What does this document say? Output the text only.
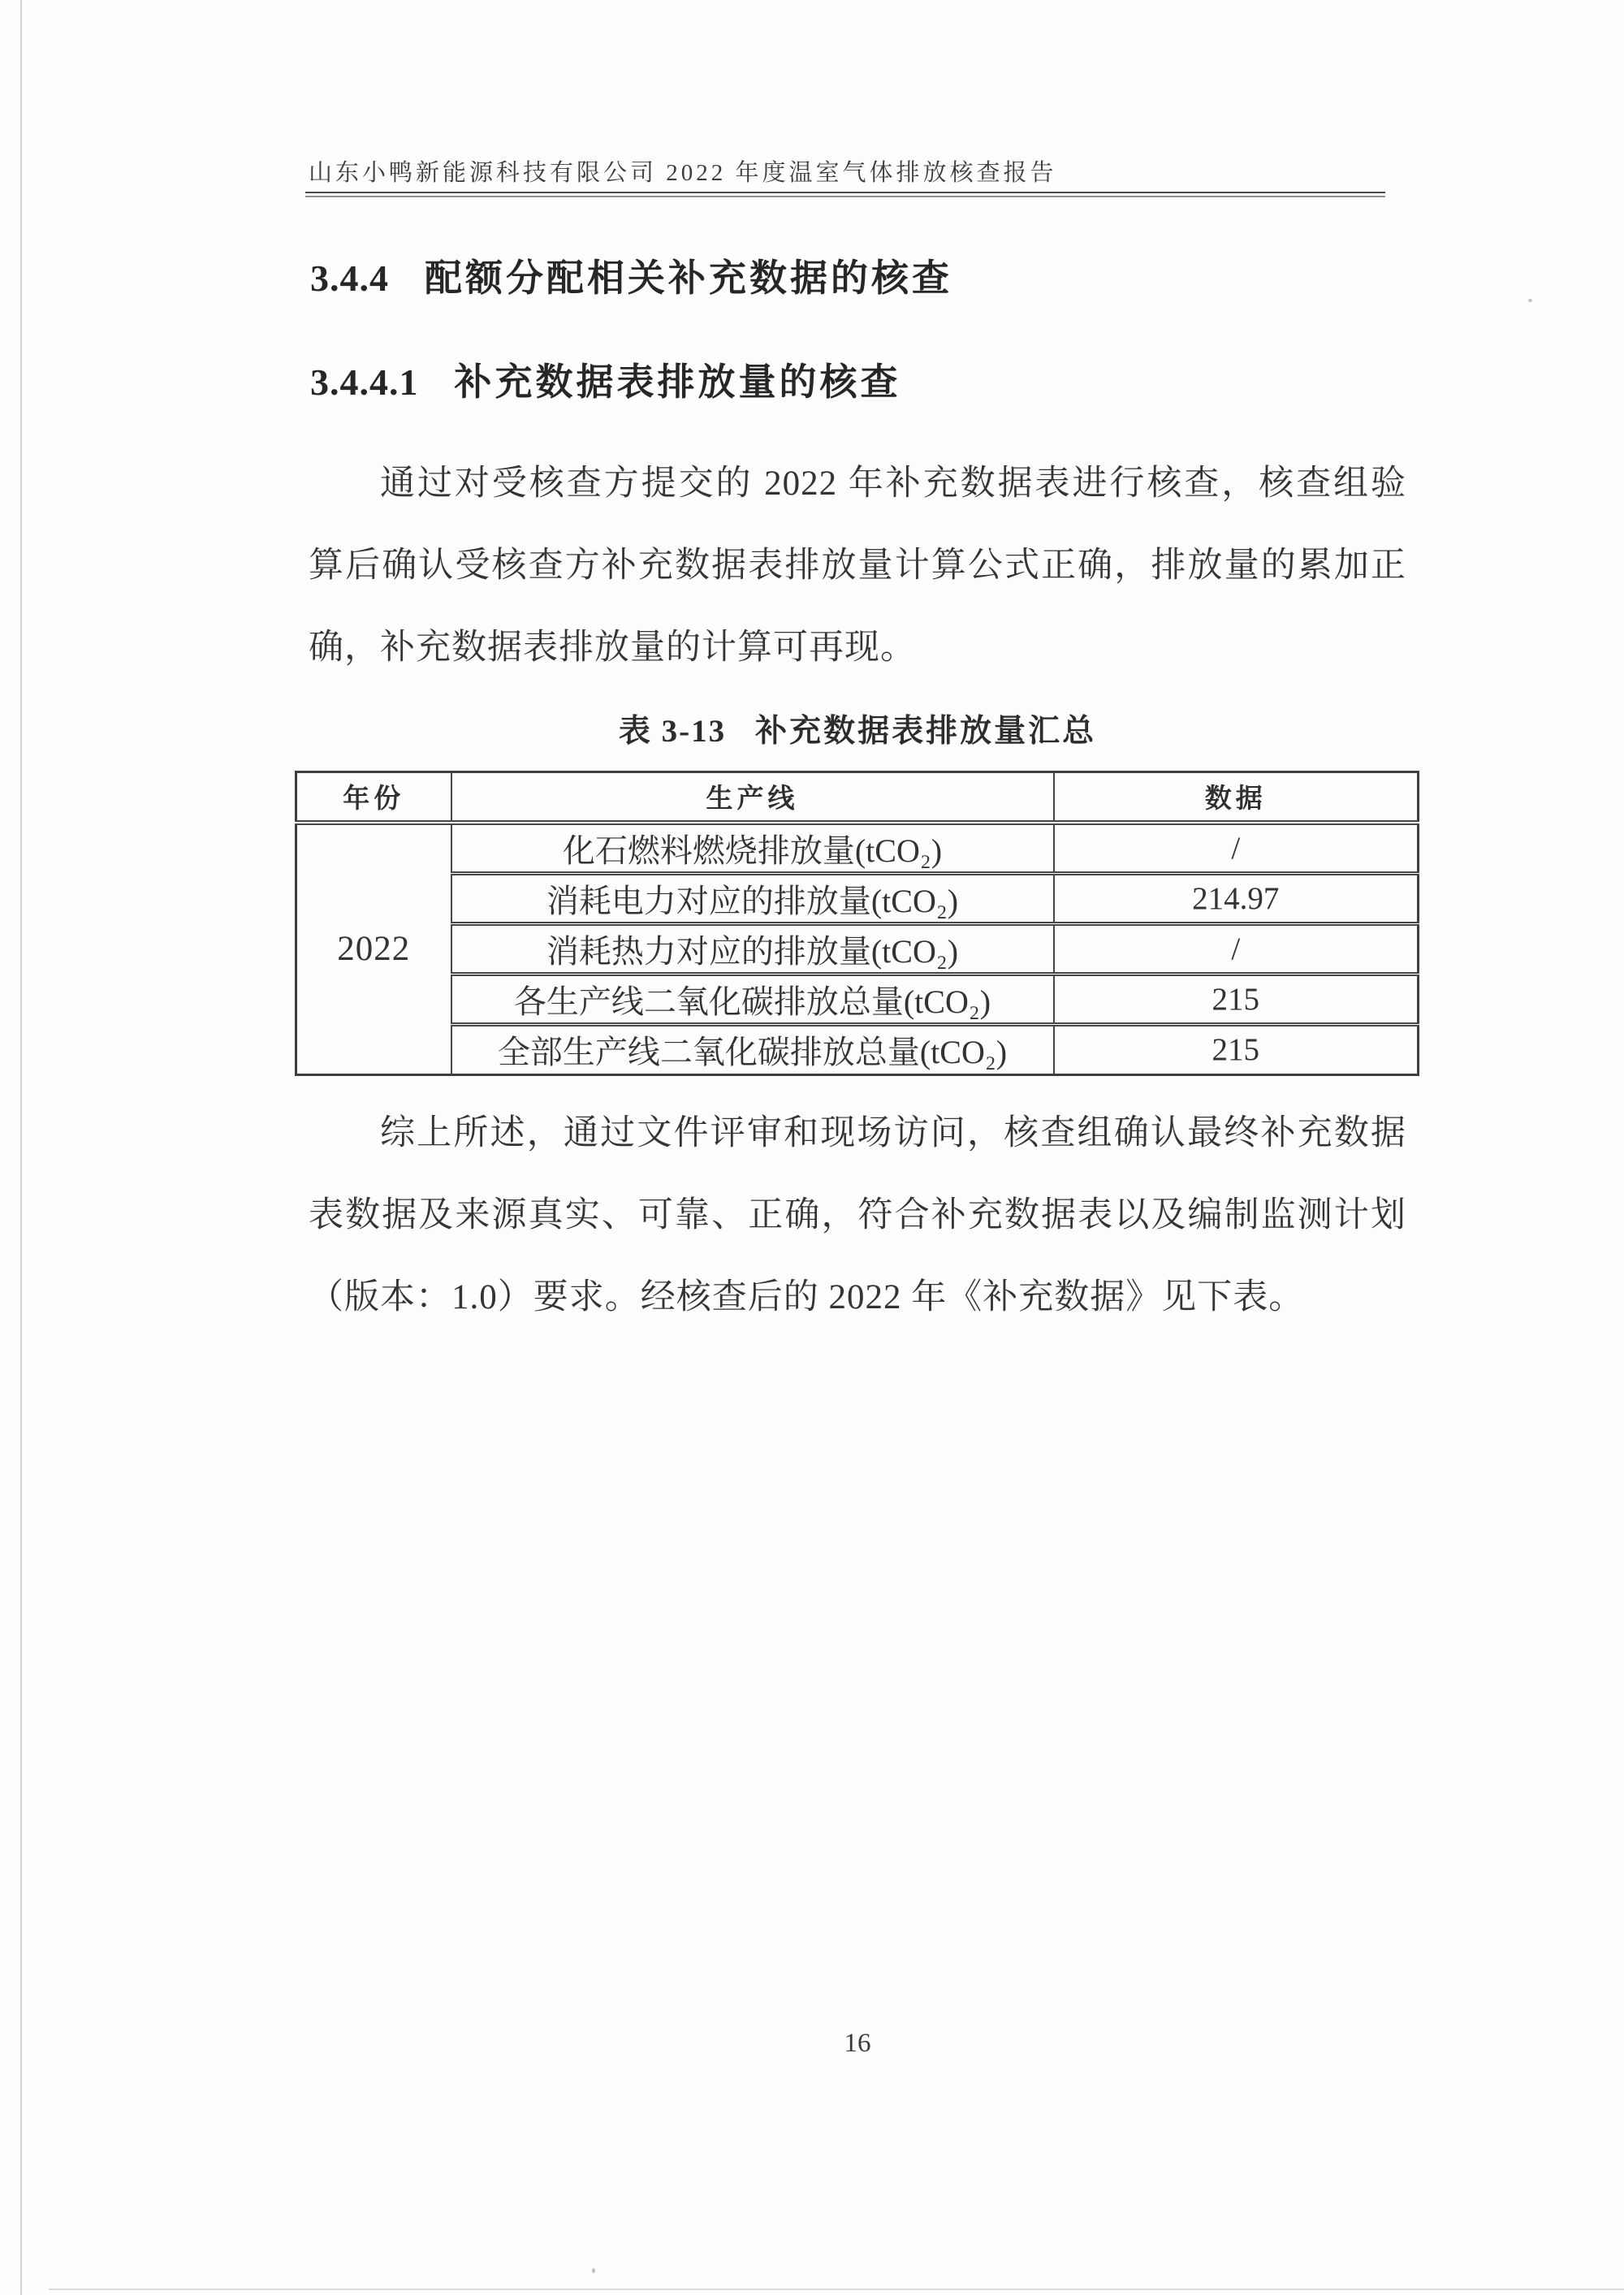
山东小鸭新能源科技有限公司 2022 年度温室气体排放核查报告
3.4.4 配额分配相关补充数据的核查
3.4.4.1 补充数据表排放量的核查
通过对受核查方提交的 2022 年补充数据表进行核查，核查组验
算后确认受核查方补充数据表排放量计算公式正确，排放量的累加正
确，补充数据表排放量的计算可再现。
表 3-13 补充数据表排放量汇总
年份	生产线	数据
2022	化石燃料燃烧排放量(tCO₂)	/
	消耗电力对应的排放量(tCO₂)	214.97
	消耗热力对应的排放量(tCO₂)	/
	各生产线二氧化碳排放总量(tCO₂)	215
	全部生产线二氧化碳排放总量(tCO₂)	215
综上所述，通过文件评审和现场访问，核查组确认最终补充数据
表数据及来源真实、可靠、正确，符合补充数据表以及编制监测计划
（版本：1.0）要求。经核查后的 2022 年《补充数据》见下表。
16
